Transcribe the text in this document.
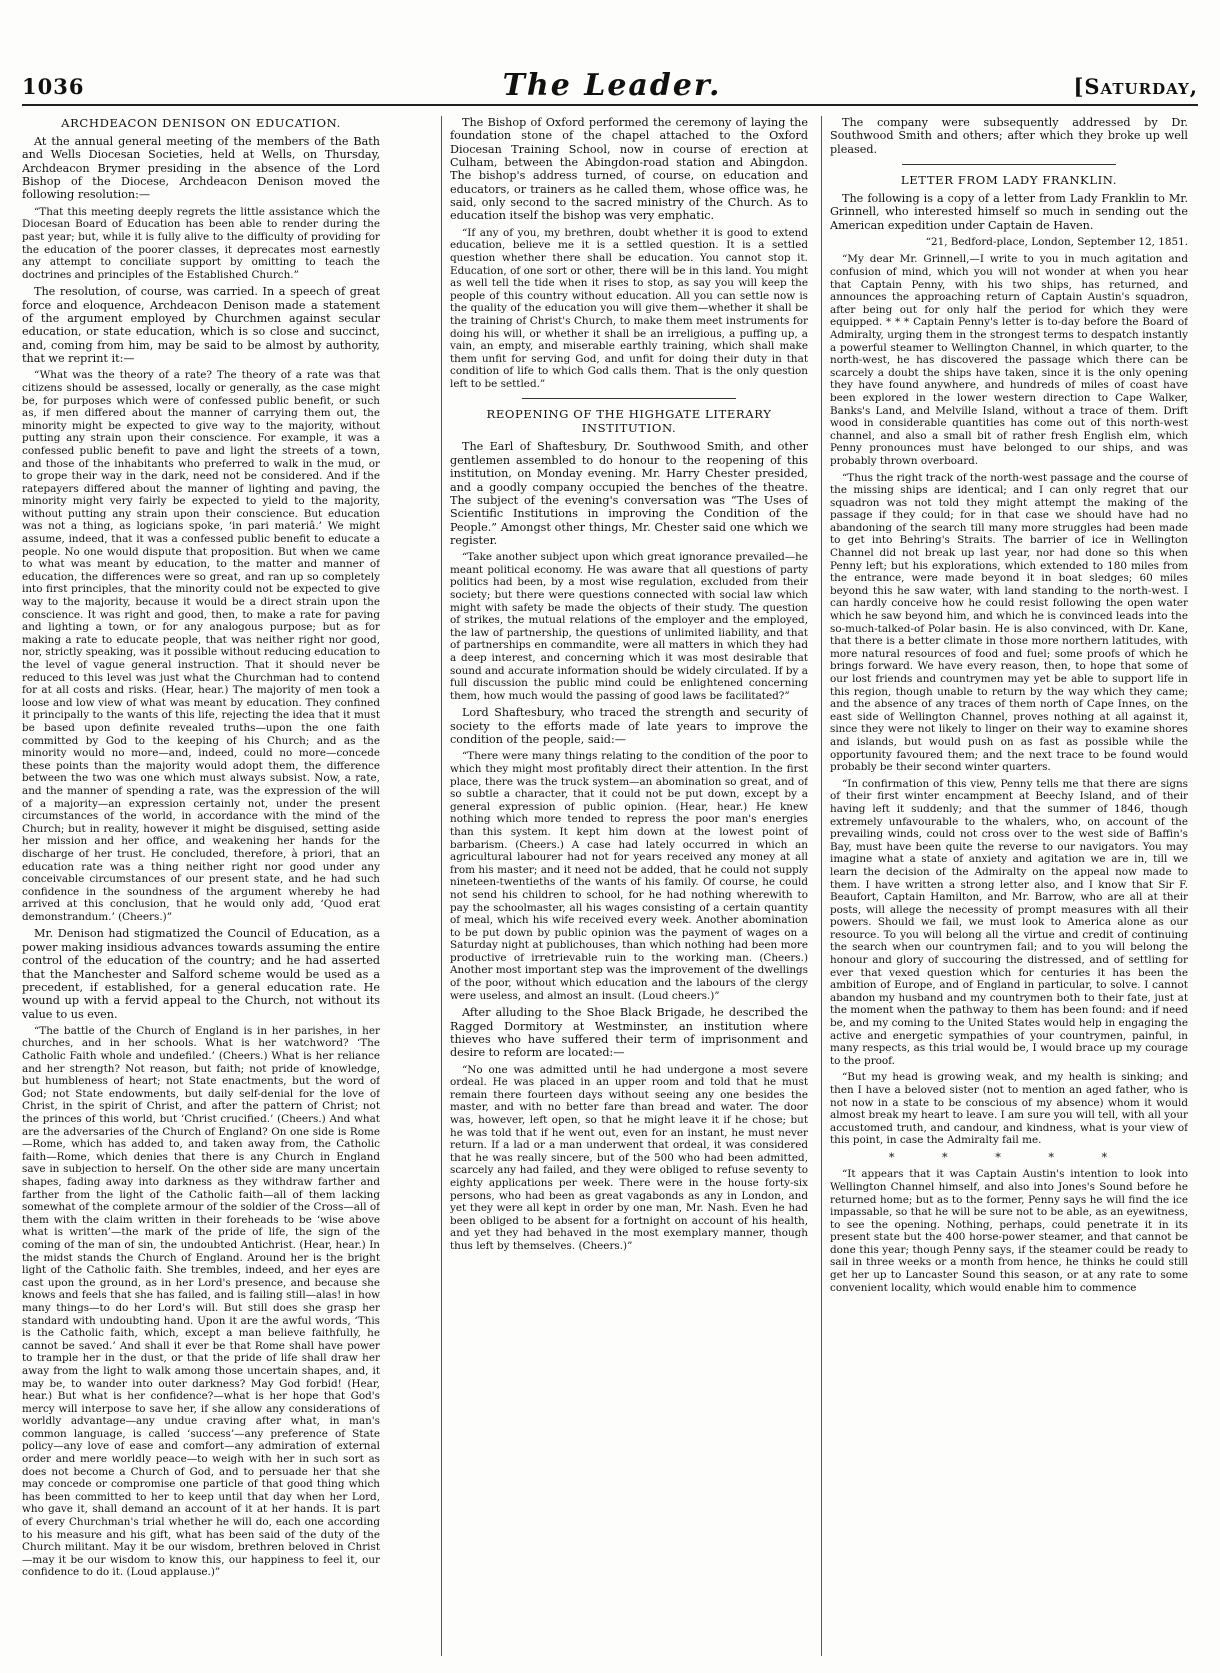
1036	The Leader.	[Saturday,
ARCHDEACON DENISON ON EDUCATION.

At the annual general meeting of the members of the Bath and Wells Diocesan Societies, held at Wells, on Thursday, Archdeacon Brymer presiding in the absence of the Lord Bishop of the Diocese, Archdeacon Denison moved the following resolution:—

“That this meeting deeply regrets the little assistance which the Diocesan Board of Education has been able to render during the past year; but, while it is fully alive to the difficulty of providing for the education of the poorer classes, it deprecates most earnestly any attempt to conciliate support by omitting to teach the doctrines and principles of the Established Church.”

The resolution, of course, was carried. In a speech of great force and eloquence, Archdeacon Denison made a statement of the argument employed by Churchmen against secular education, or state education, which is so close and succinct, and, coming from him, may be said to be almost by authority, that we reprint it:—

“What was the theory of a rate? The theory of a rate was that citizens should be assessed, locally or generally, as the case might be, for purposes which were of confessed public benefit, or such as, if men differed about the manner of carrying them out, the minority might be expected to give way to the majority, without putting any strain upon their conscience. For example, it was a confessed public benefit to pave and light the streets of a town, and those of the inhabitants who preferred to walk in the mud, or to grope their way in the dark, need not be considered. And if the ratepayers differed about the manner of lighting and paving, the minority might very fairly be expected to yield to the majority, without putting any strain upon their conscience. But education was not a thing, as logicians spoke, ‘in pari materiâ.’ We might assume, indeed, that it was a confessed public benefit to educate a people. No one would dispute that proposition. But when we came to what was meant by education, to the matter and manner of education, the differences were so great, and ran up so completely into first principles, that the minority could not be expected to give way to the majority, because it would be a direct strain upon the conscience. It was right and good, then, to make a rate for paving and lighting a town, or for any analogous purpose; but as for making a rate to educate people, that was neither right nor good, nor, strictly speaking, was it possible without reducing education to the level of vague general instruction. That it should never be reduced to this level was just what the Churchman had to contend for at all costs and risks. (Hear, hear.) The majority of men took a loose and low view of what was meant by education. They confined it principally to the wants of this life, rejecting the idea that it must be based upon definite revealed truths—upon the one faith committed by God to the keeping of his Church; and as the minority would no more—and, indeed, could no more—concede these points than the majority would adopt them, the difference between the two was one which must always subsist. Now, a rate, and the manner of spending a rate, was the expression of the will of a majority—an expression certainly not, under the present circumstances of the world, in accordance with the mind of the Church; but in reality, however it might be disguised, setting aside her mission and her office, and weakening her hands for the discharge of her trust. He concluded, therefore, à priori, that an education rate was a thing neither right nor good under any conceivable circumstances of our present state, and he had such confidence in the soundness of the argument whereby he had arrived at this conclusion, that he would only add, ‘Quod erat demonstrandum.’ (Cheers.)”

Mr. Denison had stigmatized the Council of Education, as a power making insidious advances towards assuming the entire control of the education of the country; and he had asserted that the Manchester and Salford scheme would be used as a precedent, if established, for a general education rate. He wound up with a fervid appeal to the Church, not without its value to us even.

“The battle of the Church of England is in her parishes, in her churches, and in her schools. What is her watchword? ‘The Catholic Faith whole and undefiled.’ (Cheers.) What is her reliance and her strength? Not reason, but faith; not pride of knowledge, but humbleness of heart; not State enactments, but the word of God; not State endowments, but daily self-denial for the love of Christ, in the spirit of Christ, and after the pattern of Christ; not the princes of this world, but ‘Christ crucified.’ (Cheers.) And what are the adversaries of the Church of England? On one side is Rome—Rome, which has added to, and taken away from, the Catholic faith—Rome, which denies that there is any Church in England save in subjection to herself. On the other side are many uncertain shapes, fading away into darkness as they withdraw farther and farther from the light of the Catholic faith—all of them lacking somewhat of the complete armour of the soldier of the Cross—all of them with the claim written in their foreheads to be ‘wise above what is written’—the mark of the pride of life, the sign of the coming of the man of sin, the undoubted Antichrist. (Hear, hear.) In the midst stands the Church of England. Around her is the bright light of the Catholic faith. She trembles, indeed, and her eyes are cast upon the ground, as in her Lord's presence, and because she knows and feels that she has failed, and is failing still—alas! in how many things—to do her Lord's will. But still does she grasp her standard with undoubting hand. Upon it are the awful words, ‘This is the Catholic faith, which, except a man believe faithfully, he cannot be saved.’ And shall it ever be that Rome shall have power to trample her in the dust, or that the pride of life shall draw her away from the light to walk among those uncertain shapes, and, it may be, to wander into outer darkness? May God forbid! (Hear, hear.) But what is her confidence?—what is her hope that God's mercy will interpose to save her, if she allow any considerations of worldly advantage—any undue craving after what, in man's common language, is called ‘success’—any preference of State policy—any love of ease and comfort—any admiration of external order and mere worldly peace—to weigh with her in such sort as does not become a Church of God, and to persuade her that she may concede or compromise one particle of that good thing which has been committed to her to keep until that day when her Lord, who gave it, shall demand an account of it at her hands. It is part of every Churchman's trial whether he will do, each one according to his measure and his gift, what has been said of the duty of the Church militant. May it be our wisdom, brethren beloved in Christ—may it be our wisdom to know this, our happiness to feel it, our confidence to do it. (Loud applause.)”

The Bishop of Oxford performed the ceremony of laying the foundation stone of the chapel attached to the Oxford Diocesan Training School, now in course of erection at Culham, between the Abingdon-road station and Abingdon. The bishop's address turned, of course, on education and educators, or trainers as he called them, whose office was, he said, only second to the sacred ministry of the Church. As to education itself the bishop was very emphatic.

“If any of you, my brethren, doubt whether it is good to extend education, believe me it is a settled question. It is a settled question whether there shall be education. You cannot stop it. Education, of one sort or other, there will be in this land. You might as well tell the tide when it rises to stop, as say you will keep the people of this country without education. All you can settle now is the quality of the education you will give them—whether it shall be the training of Christ's Church, to make them meet instruments for doing his will, or whether it shall be an irreligious, a puffing up, a vain, an empty, and miserable earthly training, which shall make them unfit for serving God, and unfit for doing their duty in that condition of life to which God calls them. That is the only question left to be settled.”

REOPENING OF THE HIGHGATE LITERARY INSTITUTION.

The Earl of Shaftesbury, Dr. Southwood Smith, and other gentlemen assembled to do honour to the reopening of this institution, on Monday evening. Mr. Harry Chester presided, and a goodly company occupied the benches of the theatre. The subject of the evening's conversation was “The Uses of Scientific Institutions in improving the Condition of the People.” Amongst other things, Mr. Chester said one which we register.

“Take another subject upon which great ignorance prevailed—he meant political economy. He was aware that all questions of party politics had been, by a most wise regulation, excluded from their society; but there were questions connected with social law which might with safety be made the objects of their study. The question of strikes, the mutual relations of the employer and the employed, the law of partnership, the questions of unlimited liability, and that of partnerships en commandite, were all matters in which they had a deep interest, and concerning which it was most desirable that sound and accurate information should be widely circulated. If by a full discussion the public mind could be enlightened concerning them, how much would the passing of good laws be facilitated?”

Lord Shaftesbury, who traced the strength and security of society to the efforts made of late years to improve the condition of the people, said:—

“There were many things relating to the condition of the poor to which they might most profitably direct their attention. In the first place, there was the truck system—an abomination so great, and of so subtle a character, that it could not be put down, except by a general expression of public opinion. (Hear, hear.) He knew nothing which more tended to repress the poor man's energies than this system. It kept him down at the lowest point of barbarism. (Cheers.) A case had lately occurred in which an agricultural labourer had not for years received any money at all from his master; and it need not be added, that he could not supply nineteen-twentieths of the wants of his family. Of course, he could not send his children to school, for he had nothing wherewith to pay the schoolmaster, all his wages consisting of a certain quantity of meal, which his wife received every week. Another abomination to be put down by public opinion was the payment of wages on a Saturday night at publichouses, than which nothing had been more productive of irretrievable ruin to the working man. (Cheers.) Another most important step was the improvement of the dwellings of the poor, without which education and the labours of the clergy were useless, and almost an insult. (Loud cheers.)”

After alluding to the Shoe Black Brigade, he described the Ragged Dormitory at Westminster, an institution where thieves who have suffered their term of imprisonment and desire to reform are located:—

“No one was admitted until he had undergone a most severe ordeal. He was placed in an upper room and told that he must remain there fourteen days without seeing any one besides the master, and with no better fare than bread and water. The door was, however, left open, so that he might leave it if he chose; but he was told that if he went out, even for an instant, he must never return. If a lad or a man underwent that ordeal, it was considered that he was really sincere, but of the 500 who had been admitted, scarcely any had failed, and they were obliged to refuse seventy to eighty applications per week. There were in the house forty-six persons, who had been as great vagabonds as any in London, and yet they were all kept in order by one man, Mr. Nash. Even he had been obliged to be absent for a fortnight on account of his health, and yet they had behaved in the most exemplary manner, though thus left by themselves. (Cheers.)”

The company were subsequently addressed by Dr. Southwood Smith and others; after which they broke up well pleased.

LETTER FROM LADY FRANKLIN.

The following is a copy of a letter from Lady Franklin to Mr. Grinnell, who interested himself so much in sending out the American expedition under Captain de Haven.

“21, Bedford-place, London, September 12, 1851.

“My dear Mr. Grinnell,—I write to you in much agitation and confusion of mind, which you will not wonder at when you hear that Captain Penny, with his two ships, has returned, and announces the approaching return of Captain Austin's squadron, after being out for only half the period for which they were equipped. * * * Captain Penny's letter is to-day before the Board of Admiralty, urging them in the strongest terms to despatch instantly a powerful steamer to Wellington Channel, in which quarter, to the north-west, he has discovered the passage which there can be scarcely a doubt the ships have taken, since it is the only opening they have found anywhere, and hundreds of miles of coast have been explored in the lower western direction to Cape Walker, Banks's Land, and Melville Island, without a trace of them. Drift wood in considerable quantities has come out of this north-west channel, and also a small bit of rather fresh English elm, which Penny pronounces must have belonged to our ships, and was probably thrown overboard.

“Thus the right track of the north-west passage and the course of the missing ships are identical; and I can only regret that our squadron was not told they might attempt the making of the passage if they could; for in that case we should have had no abandoning of the search till many more struggles had been made to get into Behring's Straits. The barrier of ice in Wellington Channel did not break up last year, nor had done so this when Penny left; but his explorations, which extended to 180 miles from the entrance, were made beyond it in boat sledges; 60 miles beyond this he saw water, with land standing to the north-west. I can hardly conceive how he could resist following the open water which he saw beyond him, and which he is convinced leads into the so-much-talked-of Polar basin. He is also convinced, with Dr. Kane, that there is a better climate in those more northern latitudes, with more natural resources of food and fuel; some proofs of which he brings forward. We have every reason, then, to hope that some of our lost friends and countrymen may yet be able to support life in this region, though unable to return by the way which they came; and the absence of any traces of them north of Cape Innes, on the east side of Wellington Channel, proves nothing at all against it, since they were not likely to linger on their way to examine shores and islands, but would push on as fast as possible while the opportunity favoured them; and the next trace to be found would probably be their second winter quarters.

“In confirmation of this view, Penny tells me that there are signs of their first winter encampment at Beechy Island, and of their having left it suddenly; and that the summer of 1846, though extremely unfavourable to the whalers, who, on account of the prevailing winds, could not cross over to the west side of Baffin's Bay, must have been quite the reverse to our navigators. You may imagine what a state of anxiety and agitation we are in, till we learn the decision of the Admiralty on the appeal now made to them. I have written a strong letter also, and I know that Sir F. Beaufort, Captain Hamilton, and Mr. Barrow, who are all at their posts, will allege the necessity of prompt measures with all their powers. Should we fail, we must look to America alone as our resource. To you will belong all the virtue and credit of continuing the search when our countrymen fail; and to you will belong the honour and glory of succouring the distressed, and of settling for ever that vexed question which for centuries it has been the ambition of Europe, and of England in particular, to solve. I cannot abandon my husband and my countrymen both to their fate, just at the moment when the pathway to them has been found: and if need be, and my coming to the United States would help in engaging the active and energetic sympathies of your countrymen, painful, in many respects, as this trial would be, I would brace up my courage to the proof.

“But my head is growing weak, and my health is sinking; and then I have a beloved sister (not to mention an aged father, who is not now in a state to be conscious of my absence) whom it would almost break my heart to leave. I am sure you will tell, with all your accustomed truth, and candour, and kindness, what is your view of this point, in case the Admiralty fail me.

* * * * *

“It appears that it was Captain Austin's intention to look into Wellington Channel himself, and also into Jones's Sound before he returned home; but as to the former, Penny says he will find the ice impassable, so that he will be sure not to be able, as an eyewitness, to see the opening. Nothing, perhaps, could penetrate it in its present state but the 400 horse-power steamer, and that cannot be done this year; though Penny says, if the steamer could be ready to sail in three weeks or a month from hence, he thinks he could still get her up to Lancaster Sound this season, or at any rate to some convenient locality, which would enable him to commence
